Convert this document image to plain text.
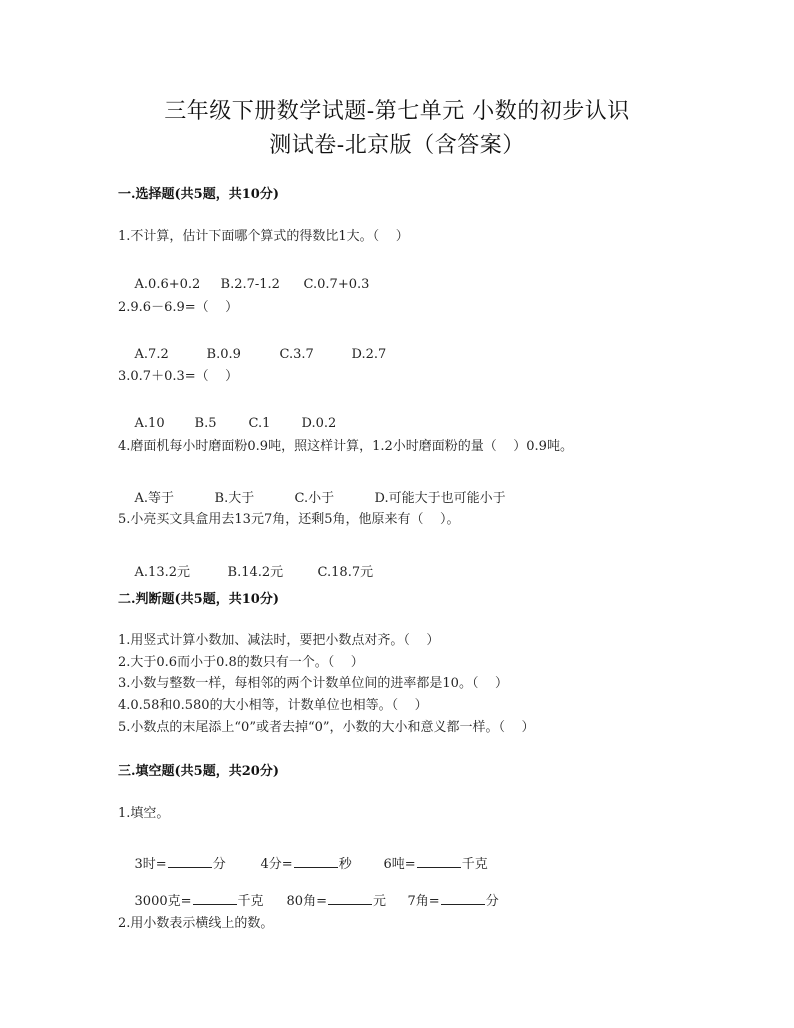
三年级下册数学试题-第七单元 小数的初步认识
测试卷-北京版（含答案）
一.选择题(共5题，共10分)
1.不计算，估计下面哪个算式的得数比1大。（    ）

A.0.6+0.2 B.2.7-1.2 C.0.7+0.3

2.9.6－6.9=（    ）

A.7.2	B.0.9	C.3.7	D.2.7

3.0.7＋0.3=（    ）

A.10 B.5 C.1 D.0.2

4.磨面机每小时磨面粉0.9吨，照这样计算，1.2小时磨面粉的量（    ）0.9吨。

A.等于	B.大于	C.小于	D.可能大于也可能小于

5.小亮买文具盒用去13元7角，还剩5角，他原来有（    ）。

A.13.2元	B.14.2元	C.18.7元

二.判断题(共5题，共10分)
1.用竖式计算小数加、减法时，要把小数点对齐。（    ）
2.大于0.6而小于0.8的数只有一个。（    ）
3.小数与整数一样，每相邻的两个计数单位间的进率都是10。（    ）
4.0.58和0.580的大小相等，计数单位也相等。（    ）
5.小数点的末尾添上“0”或者去掉“0”，小数的大小和意义都一样。（    ）
三.填空题(共5题，共20分)
1.填空。

3时=	分	4分=	秒 6吨=	千克

3000克=	千克 80角=	元 7角=	分

2.用小数表示横线上的数。
